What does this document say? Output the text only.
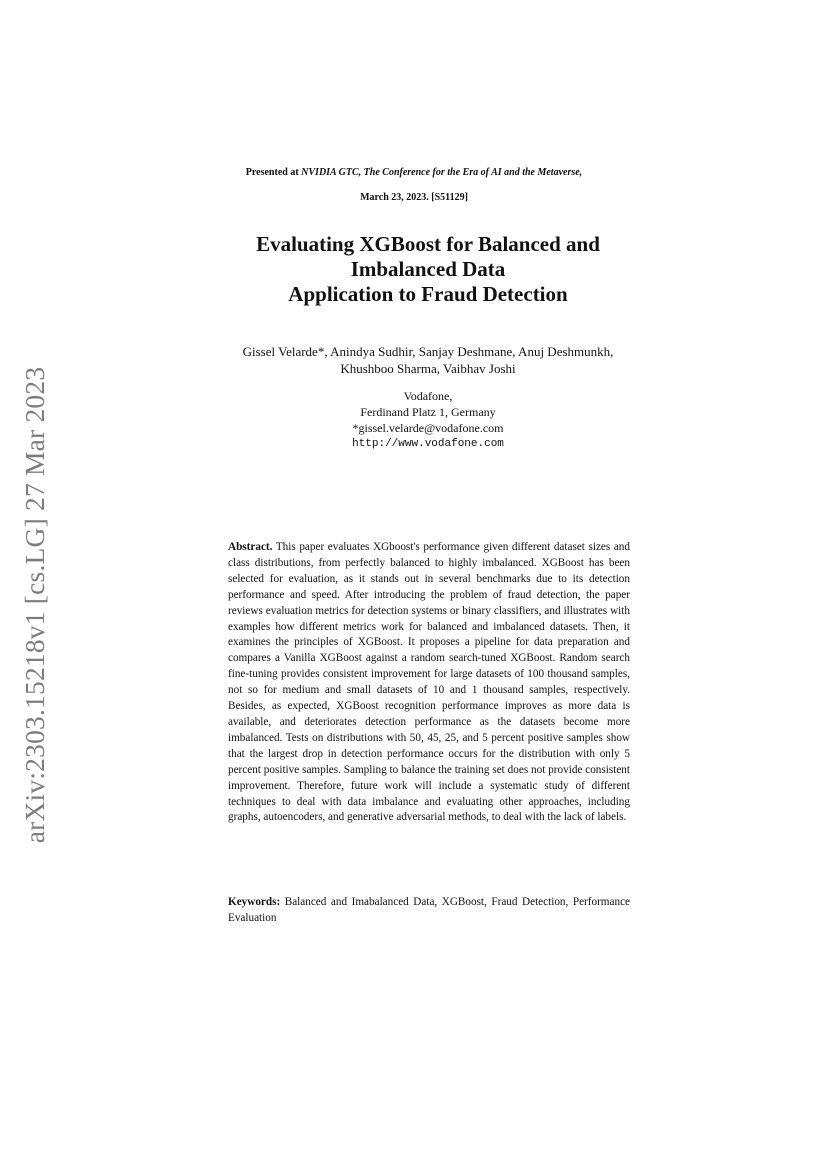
arXiv:2303.15218v1 [cs.LG] 27 Mar 2023
Presented at NVIDIA GTC, The Conference for the Era of AI and the Metaverse,
March 23, 2023. [S51129]
Evaluating XGBoost for Balanced and
Imbalanced Data
Application to Fraud Detection
Gissel Velarde*, Anindya Sudhir, Sanjay Deshmane, Anuj Deshmunkh,
Khushboo Sharma, Vaibhav Joshi
Vodafone,
Ferdinand Platz 1, Germany
*gissel.velarde@vodafone.com
http://www.vodafone.com
Abstract. This paper evaluates XGboost's performance given different dataset sizes and class distributions, from perfectly balanced to highly imbalanced. XGBoost has been selected for evaluation, as it stands out in several benchmarks due to its detection performance and speed. After introducing the problem of fraud detection, the paper reviews evaluation metrics for detection systems or binary classifiers, and illustrates with examples how different metrics work for balanced and imbalanced datasets. Then, it examines the principles of XGBoost. It proposes a pipeline for data preparation and compares a Vanilla XGBoost against a random search-tuned XGBoost. Random search fine-tuning provides consistent improvement for large datasets of 100 thousand samples, not so for medium and small datasets of 10 and 1 thousand samples, respectively. Besides, as expected, XGBoost recognition performance improves as more data is available, and deteriorates detection performance as the datasets become more imbalanced. Tests on distributions with 50, 45, 25, and 5 percent positive samples show that the largest drop in detection performance occurs for the distribution with only 5 percent positive samples. Sampling to balance the training set does not provide consistent improvement. Therefore, future work will include a systematic study of different techniques to deal with data imbalance and evaluating other approaches, including graphs, autoencoders, and generative adversarial methods, to deal with the lack of labels.
Keywords: Balanced and Imabalanced Data, XGBoost, Fraud Detection, Performance Evaluation
